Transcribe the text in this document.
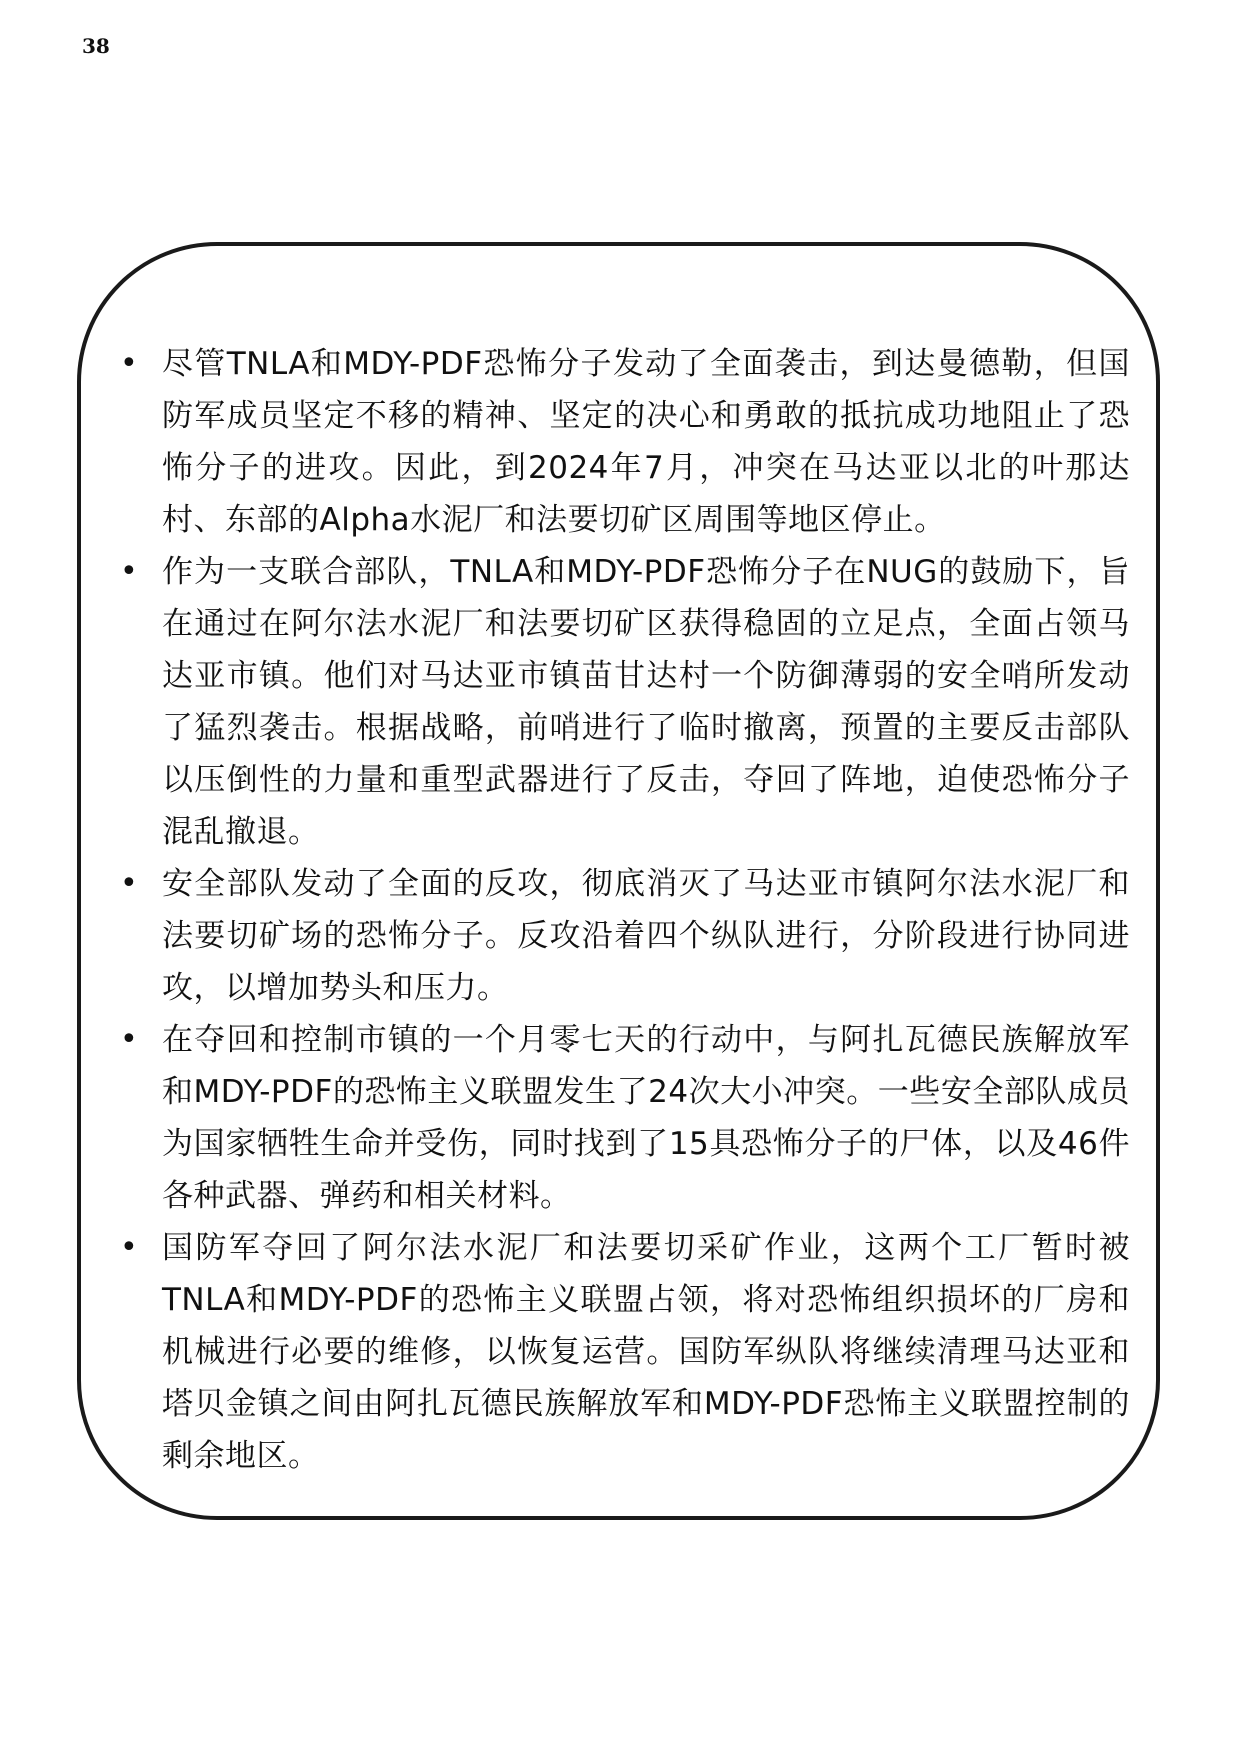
38
• 尽管TNLA和MDY-PDF恐怖分子发动了全面袭击，到达曼德勒，但国防军成员坚定不移的精神、坚定的决心和勇敢的抵抗成功地阻止了恐怖分子的进攻。因此，到2024年7月，冲突在马达亚以北的叶那达村、东部的Alpha水泥厂和法要切矿区周围等地区停止。
• 作为一支联合部队，TNLA和MDY-PDF恐怖分子在NUG的鼓励下，旨在通过在阿尔法水泥厂和法要切矿区获得稳固的立足点，全面占领马达亚市镇。他们对马达亚市镇苗甘达村一个防御薄弱的安全哨所发动了猛烈袭击。根据战略，前哨进行了临时撤离，预置的主要反击部队以压倒性的力量和重型武器进行了反击，夺回了阵地，迫使恐怖分子混乱撤退。
• 安全部队发动了全面的反攻，彻底消灭了马达亚市镇阿尔法水泥厂和法要切矿场的恐怖分子。反攻沿着四个纵队进行，分阶段进行协同进攻，以增加势头和压力。
• 在夺回和控制市镇的一个月零七天的行动中，与阿扎瓦德民族解放军和MDY-PDF的恐怖主义联盟发生了24次大小冲突。一些安全部队成员为国家牺牲生命并受伤，同时找到了15具恐怖分子的尸体，以及46件各种武器、弹药和相关材料。
• 国防军夺回了阿尔法水泥厂和法要切采矿作业，这两个工厂暂时被TNLA和MDY-PDF的恐怖主义联盟占领，将对恐怖组织损坏的厂房和机械进行必要的维修，以恢复运营。国防军纵队将继续清理马达亚和塔贝金镇之间由阿扎瓦德民族解放军和MDY-PDF恐怖主义联盟控制的剩余地区。
